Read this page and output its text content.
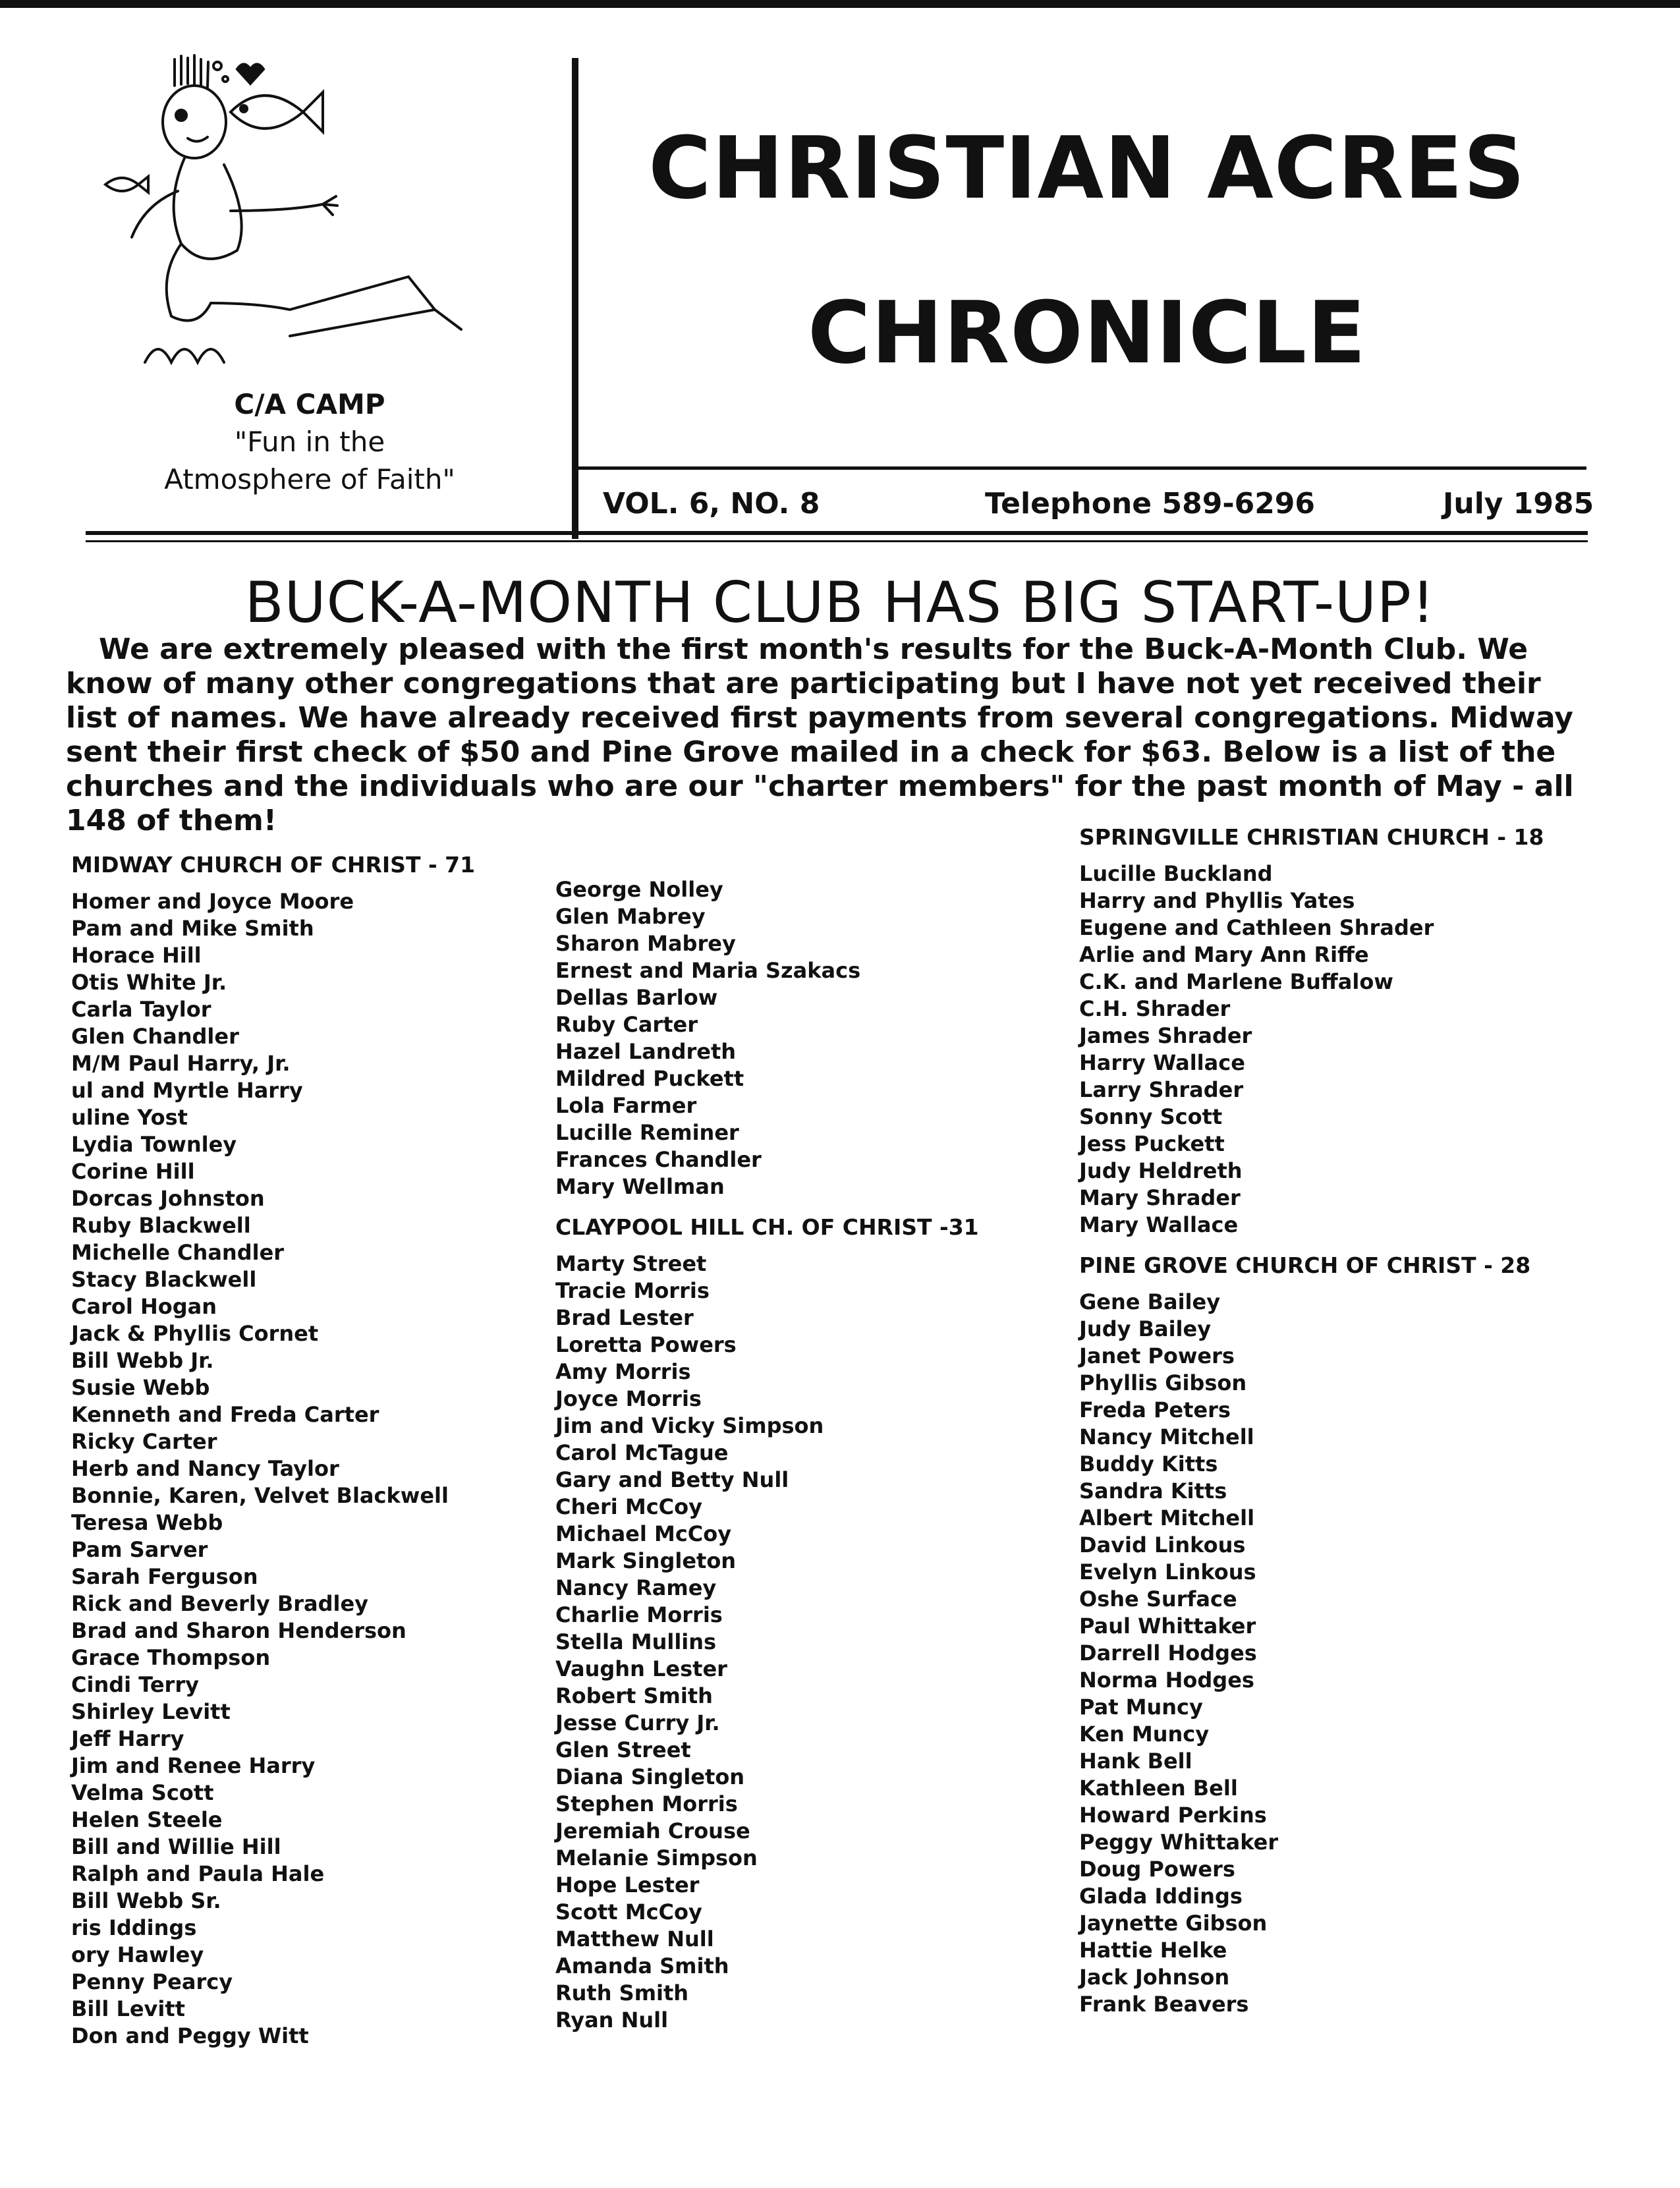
C/A CAMP
"Fun in the
Atmosphere of Faith"
CHRISTIAN ACRES
CHRONICLE
VOL. 6, NO. 8	Telephone 589-6296	July 1985
BUCK-A-MONTH CLUB HAS BIG START-UP!
We are extremely pleased with the first month's results for the Buck-A-Month Club. We know of many other congregations that are participating but I have not yet received their list of names. We have already received first payments from several congregations. Midway sent their first check of $50 and Pine Grove mailed in a check for $63. Below is a list of the churches and the individuals who are our "charter members" for the past month of May - all 148 of them!
MIDWAY CHURCH OF CHRIST - 71
Homer and Joyce Moore
Pam and Mike Smith
Horace Hill
Otis White Jr.
Carla Taylor
Glen Chandler
M/M Paul Harry, Jr.
ul and Myrtle Harry
uline Yost
Lydia Townley
Corine Hill
Dorcas Johnston
Ruby Blackwell
Michelle Chandler
Stacy Blackwell
Carol Hogan
Jack & Phyllis Cornet
Bill Webb Jr.
Susie Webb
Kenneth and Freda Carter
Ricky Carter
Herb and Nancy Taylor
Bonnie, Karen, Velvet Blackwell
Teresa Webb
Pam Sarver
Sarah Ferguson
Rick and Beverly Bradley
Brad and Sharon Henderson
Grace Thompson
Cindi Terry
Shirley Levitt
Jeff Harry
Jim and Renee Harry
Velma Scott
Helen Steele
Bill and Willie Hill
Ralph and Paula Hale
Bill Webb Sr.
ris Iddings
ory Hawley
Penny Pearcy
Bill Levitt
Don and Peggy Witt
George Nolley
Glen Mabrey
Sharon Mabrey
Ernest and Maria Szakacs
Dellas Barlow
Ruby Carter
Hazel Landreth
Mildred Puckett
Lola Farmer
Lucille Reminer
Frances Chandler
Mary Wellman
CLAYPOOL HILL CH. OF CHRIST -31
Marty Street
Tracie Morris
Brad Lester
Loretta Powers
Amy Morris
Joyce Morris
Jim and Vicky Simpson
Carol McTague
Gary and Betty Null
Cheri McCoy
Michael McCoy
Mark Singleton
Nancy Ramey
Charlie Morris
Stella Mullins
Vaughn Lester
Robert Smith
Jesse Curry Jr.
Glen Street
Diana Singleton
Stephen Morris
Jeremiah Crouse
Melanie Simpson
Hope Lester
Scott McCoy
Matthew Null
Amanda Smith
Ruth Smith
Ryan Null
SPRINGVILLE CHRISTIAN CHURCH - 18
Lucille Buckland
Harry and Phyllis Yates
Eugene and Cathleen Shrader
Arlie and Mary Ann Riffe
C.K. and Marlene Buffalow
C.H. Shrader
James Shrader
Harry Wallace
Larry Shrader
Sonny Scott
Jess Puckett
Judy Heldreth
Mary Shrader
Mary Wallace
PINE GROVE CHURCH OF CHRIST - 28
Gene Bailey
Judy Bailey
Janet Powers
Phyllis Gibson
Freda Peters
Nancy Mitchell
Buddy Kitts
Sandra Kitts
Albert Mitchell
David Linkous
Evelyn Linkous
Oshe Surface
Paul Whittaker
Darrell Hodges
Norma Hodges
Pat Muncy
Ken Muncy
Hank Bell
Kathleen Bell
Howard Perkins
Peggy Whittaker
Doug Powers
Glada Iddings
Jaynette Gibson
Hattie Helke
Jack Johnson
Frank Beavers
